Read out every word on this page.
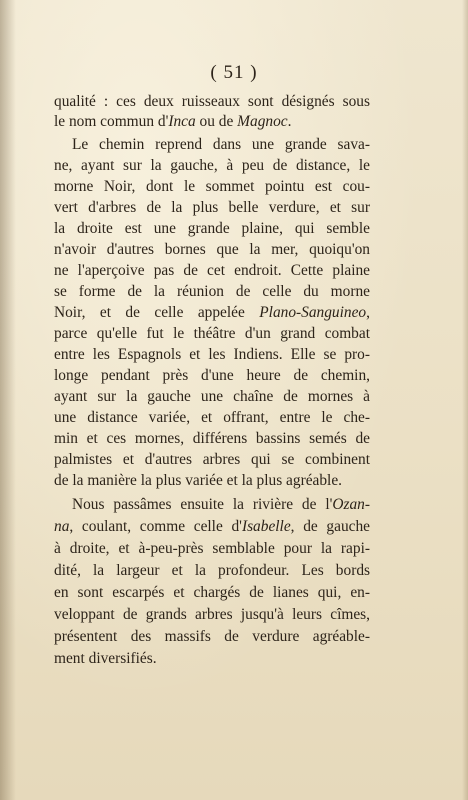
( 51 )
qualité : ces deux ruisseaux sont désignés sous
le nom commun d'Inca ou de Magnoc.
Le chemin reprend dans une grande sava-
ne, ayant sur la gauche, à peu de distance, le
morne Noir, dont le sommet pointu est cou-
vert d'arbres de la plus belle verdure, et sur
la droite est une grande plaine, qui semble
n'avoir d'autres bornes que la mer, quoiqu'on
ne l'aperçoive pas de cet endroit. Cette plaine
se forme de la réunion de celle du morne
Noir, et de celle appelée Plano-Sanguineo,
parce qu'elle fut le théâtre d'un grand combat
entre les Espagnols et les Indiens. Elle se pro-
longe pendant près d'une heure de chemin,
ayant sur la gauche une chaîne de mornes à
une distance variée, et offrant, entre le che-
min et ces mornes, différens bassins semés de
palmistes et d'autres arbres qui se combinent
de la manière la plus variée et la plus agréable.
Nous passâmes ensuite la rivière de l'Ozan-
na, coulant, comme celle d'Isabelle, de gauche
à droite, et à-peu-près semblable pour la rapi-
dité, la largeur et la profondeur. Les bords
en sont escarpés et chargés de lianes qui, en-
veloppant de grands arbres jusqu'à leurs cîmes,
présentent des massifs de verdure agréable-
ment diversifiés.
